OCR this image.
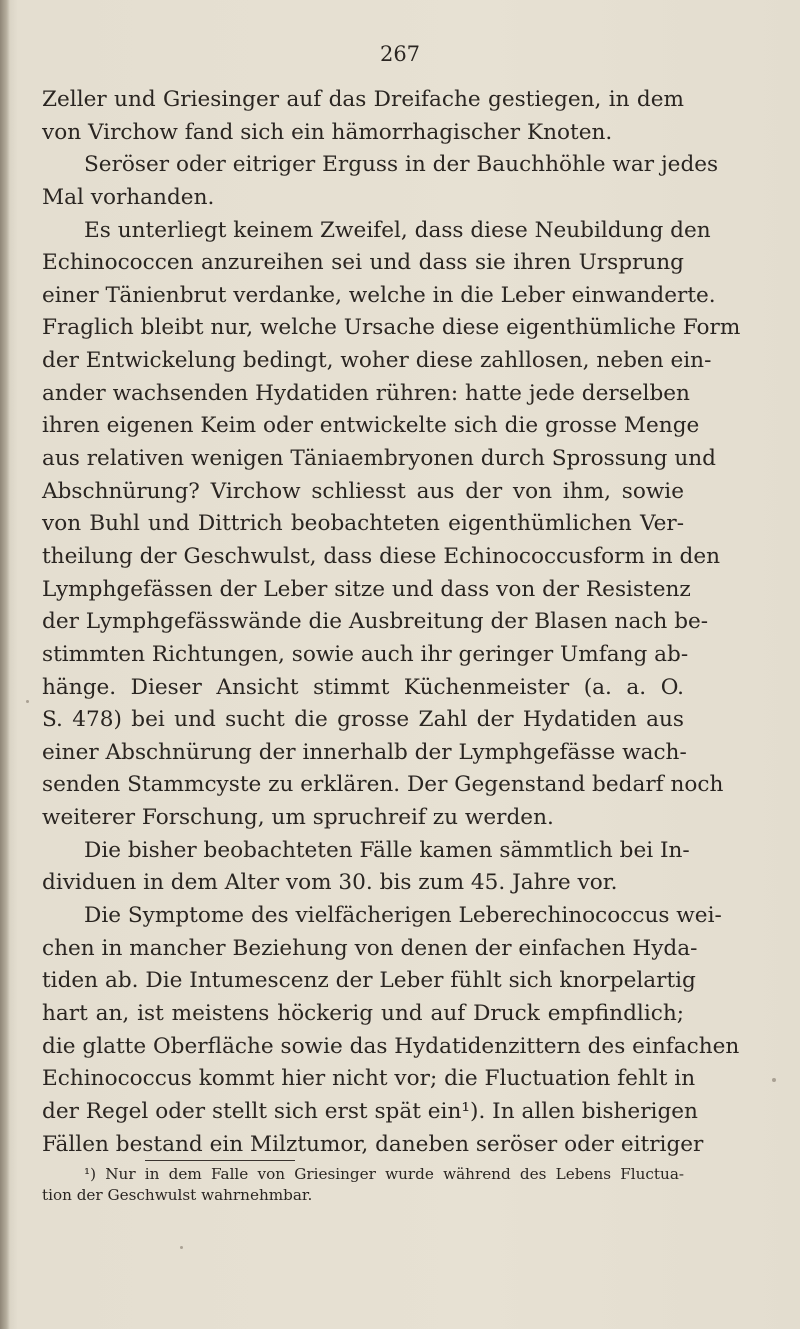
267
Zeller und Griesinger auf das Dreifache gestiegen, in dem
von Virchow fand sich ein hämorrhagischer Knoten.
Seröser oder eitriger Erguss in der Bauchhöhle war jedes
Mal vorhanden.
Es unterliegt keinem Zweifel, dass diese Neubildung den
Echinococcen anzureihen sei und dass sie ihren Ursprung
einer Tänienbrut verdanke, welche in die Leber einwanderte.
Fraglich bleibt nur, welche Ursache diese eigenthümliche Form
der Entwickelung bedingt, woher diese zahllosen, neben ein-
ander wachsenden Hydatiden rühren: hatte jede derselben
ihren eigenen Keim oder entwickelte sich die grosse Menge
aus relativen wenigen Täniaembryonen durch Sprossung und
Abschnürung? Virchow schliesst aus der von ihm, sowie
von Buhl und Dittrich beobachteten eigenthümlichen Ver-
theilung der Geschwulst, dass diese Echinococcusform in den
Lymphgefässen der Leber sitze und dass von der Resistenz
der Lymphgefässwände die Ausbreitung der Blasen nach be-
stimmten Richtungen, sowie auch ihr geringer Umfang ab-
hänge. Dieser Ansicht stimmt Küchenmeister (a. a. O.
S. 478) bei und sucht die grosse Zahl der Hydatiden aus
einer Abschnürung der innerhalb der Lymphgefässe wach-
senden Stammcyste zu erklären. Der Gegenstand bedarf noch
weiterer Forschung, um spruchreif zu werden.
Die bisher beobachteten Fälle kamen sämmtlich bei In-
dividuen in dem Alter vom 30. bis zum 45. Jahre vor.
Die Symptome des vielfächerigen Leberechinococcus wei-
chen in mancher Beziehung von denen der einfachen Hyda-
tiden ab. Die Intumescenz der Leber fühlt sich knorpelartig
hart an, ist meistens höckerig und auf Druck empfindlich;
die glatte Oberfläche sowie das Hydatidenzittern des einfachen
Echinococcus kommt hier nicht vor; die Fluctuation fehlt in
der Regel oder stellt sich erst spät ein¹). In allen bisherigen
Fällen bestand ein Milztumor, daneben seröser oder eitriger
¹) Nur in dem Falle von Griesinger wurde während des Lebens Fluctua-
tion der Geschwulst wahrnehmbar.
